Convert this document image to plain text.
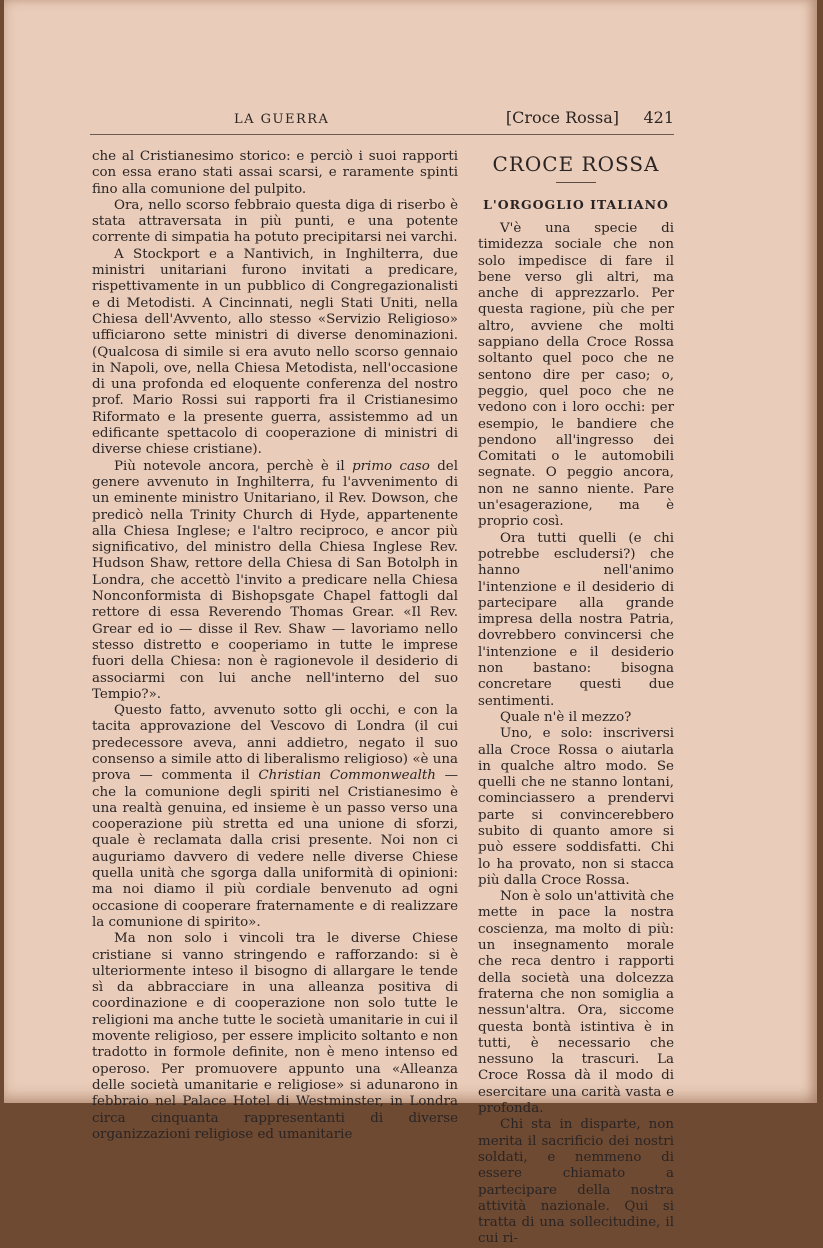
LA GUERRA	[Croce Rossa] 421

che al Cristianesimo storico: e perciò i suoi rapporti con essa erano stati assai scarsi, e raramente spinti fino alla comunione del pulpito.

Ora, nello scorso febbraio questa diga di riserbo è stata attraversata in più punti, e una potente corrente di simpatia ha potuto precipitarsi nei varchi.

A Stockport e a Nantivich, in Inghilterra, due ministri unitariani furono invitati a predicare, rispettivamente in un pubblico di Congregazionalisti e di Metodisti. A Cincinnati, negli Stati Uniti, nella Chiesa dell'Avvento, allo stesso «Servizio Religioso» ufficiarono sette ministri di diverse denominazioni. (Qualcosa di simile si era avuto nello scorso gennaio in Napoli, ove, nella Chiesa Metodista, nell'occasione di una profonda ed eloquente conferenza del nostro prof. Mario Rossi sui rapporti fra il Cristianesimo Riformato e la presente guerra, assistemmo ad un edificante spettacolo di cooperazione di ministri di diverse chiese cristiane).

Più notevole ancora, perchè è il primo caso del genere avvenuto in Inghilterra, fu l'avvenimento di un eminente ministro Unitariano, il Rev. Dowson, che predicò nella Trinity Church di Hyde, appartenente alla Chiesa Inglese; e l'altro reciproco, e ancor più significativo, del ministro della Chiesa Inglese Rev. Hudson Shaw, rettore della Chiesa di San Botolph in Londra, che accettò l'invito a predicare nella Chiesa Nonconformista di Bishopsgate Chapel fattogli dal rettore di essa Reverendo Thomas Grear. «Il Rev. Grear ed io — disse il Rev. Shaw — lavoriamo nello stesso distretto e cooperiamo in tutte le imprese fuori della Chiesa: non è ragionevole il desiderio di associarmi con lui anche nell'interno del suo Tempio?».

Questo fatto, avvenuto sotto gli occhi, e con la tacita approvazione del Vescovo di Londra (il cui predecessore aveva, anni addietro, negato il suo consenso a simile atto di liberalismo religioso) «è una prova — commenta il Christian Commonwealth — che la comunione degli spiriti nel Cristianesimo è una realtà genuina, ed insieme è un passo verso una cooperazione più stretta ed una unione di sforzi, quale è reclamata dalla crisi presente. Noi non ci auguriamo davvero di vedere nelle diverse Chiese quella unità che sgorga dalla uniformità di opinioni: ma noi diamo il più cordiale benvenuto ad ogni occasione di cooperare fraternamente e di realizzare la comunione di spirito».

Ma non solo i vincoli tra le diverse Chiese cristiane si vanno stringendo e rafforzando: si è ulteriormente inteso il bisogno di allargare le tende sì da abbracciare in una alleanza positiva di coordinazione e di cooperazione non solo tutte le religioni ma anche tutte le società umanitarie in cui il movente religioso, per essere implicito soltanto e non tradotto in formole definite, non è meno intenso ed operoso. Per promuovere appunto una «Alleanza delle società umanitarie e religiose» si adunarono in febbraio nel Palace Hotel di Westminster, in Londra circa cinquanta rappresentanti di diverse organizzazioni religiose ed umanitarie

CROCE ROSSA
L'ORGOGLIO ITALIANO

V'è una specie di timidezza sociale che non solo impedisce di fare il bene verso gli altri, ma anche di apprezzarlo. Per questa ragione, più che per altro, avviene che molti sappiano della Croce Rossa soltanto quel poco che ne sentono dire per caso; o, peggio, quel poco che ne vedono con i loro occhi: per esempio, le bandiere che pendono all'ingresso dei Comitati o le automobili segnate. O peggio ancora, non ne sanno niente. Pare un'esagerazione, ma è proprio così.

Ora tutti quelli (e chi potrebbe escludersi?) che hanno nell'animo l'intenzione e il desiderio di partecipare alla grande impresa della nostra Patria, dovrebbero convincersi che l'intenzione e il desiderio non bastano: bisogna concretare questi due sentimenti.

Quale n'è il mezzo?

Uno, e solo: inscriversi alla Croce Rossa o aiutarla in qualche altro modo. Se quelli che ne stanno lontani, cominciassero a prendervi parte si convincerebbero subito di quanto amore si può essere soddisfatti. Chi lo ha provato, non si stacca più dalla Croce Rossa.

Non è solo un'attività che mette in pace la nostra coscienza, ma molto di più: un insegnamento morale che reca dentro i rapporti della società una dolcezza fraterna che non somiglia a nessun'altra. Ora, siccome questa bontà istintiva è in tutti, è necessario che nessuno la trascuri. La Croce Rossa dà il modo di esercitare una carità vasta e profonda.

Chi sta in disparte, non merita il sacrificio dei nostri soldati, e nemmeno di essere chiamato a partecipare della nostra attività nazionale. Qui si tratta di una sollecitudine, il cui ri-
